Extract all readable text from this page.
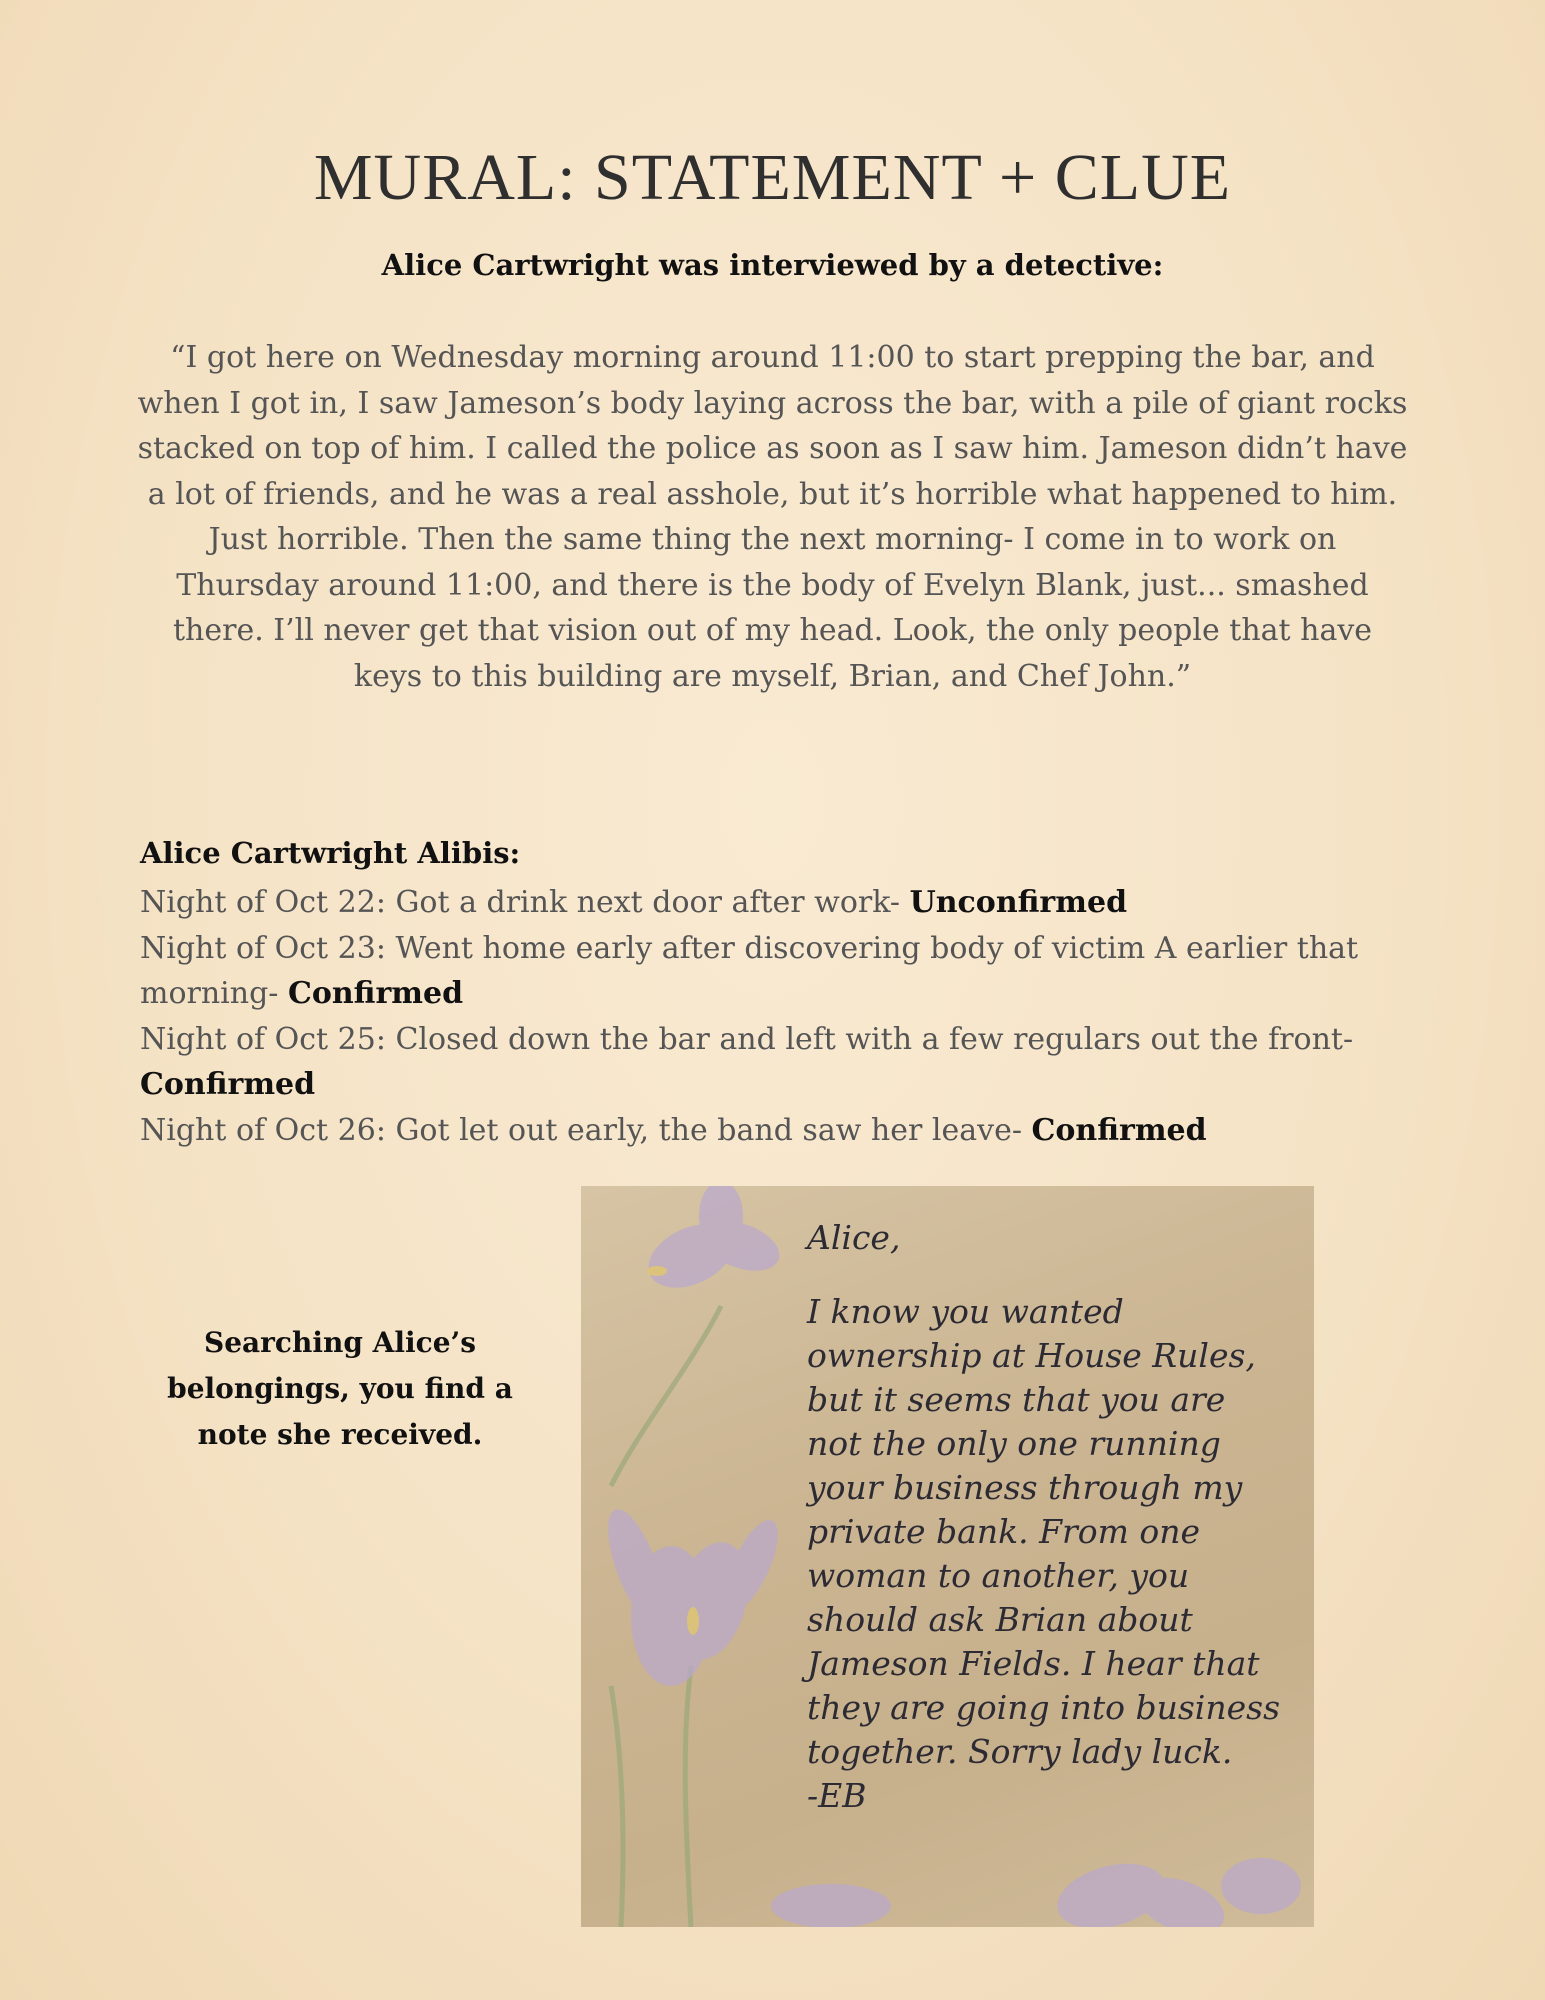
MURAL: STATEMENT + CLUE
Alice Cartwright was interviewed by a detective:

“I got here on Wednesday morning around 11:00 to start prepping the bar, and when I got in, I saw Jameson’s body laying across the bar, with a pile of giant rocks stacked on top of him. I called the police as soon as I saw him. Jameson didn’t have a lot of friends, and he was a real asshole, but it’s horrible what happened to him. Just horrible. Then the same thing the next morning- I come in to work on Thursday around 11:00, and there is the body of Evelyn Blank, just... smashed there. I’ll never get that vision out of my head. Look, the only people that have keys to this building are myself, Brian, and Chef John.”

Alice Cartwright Alibis:
Night of Oct 22: Got a drink next door after work- Unconfirmed
Night of Oct 23: Went home early after discovering body of victim A earlier that morning- Confirmed
Night of Oct 25: Closed down the bar and left with a few regulars out the front- Confirmed
Night of Oct 26: Got let out early, the band saw her leave- Confirmed
Searching Alice’s belongings, you find a note she received.

Alice,

I know you wanted ownership at House Rules, but it seems that you are not the only one running your business through my private bank. From one woman to another, you should ask Brian about Jameson Fields. I hear that they are going into business together. Sorry lady luck.

-EB
